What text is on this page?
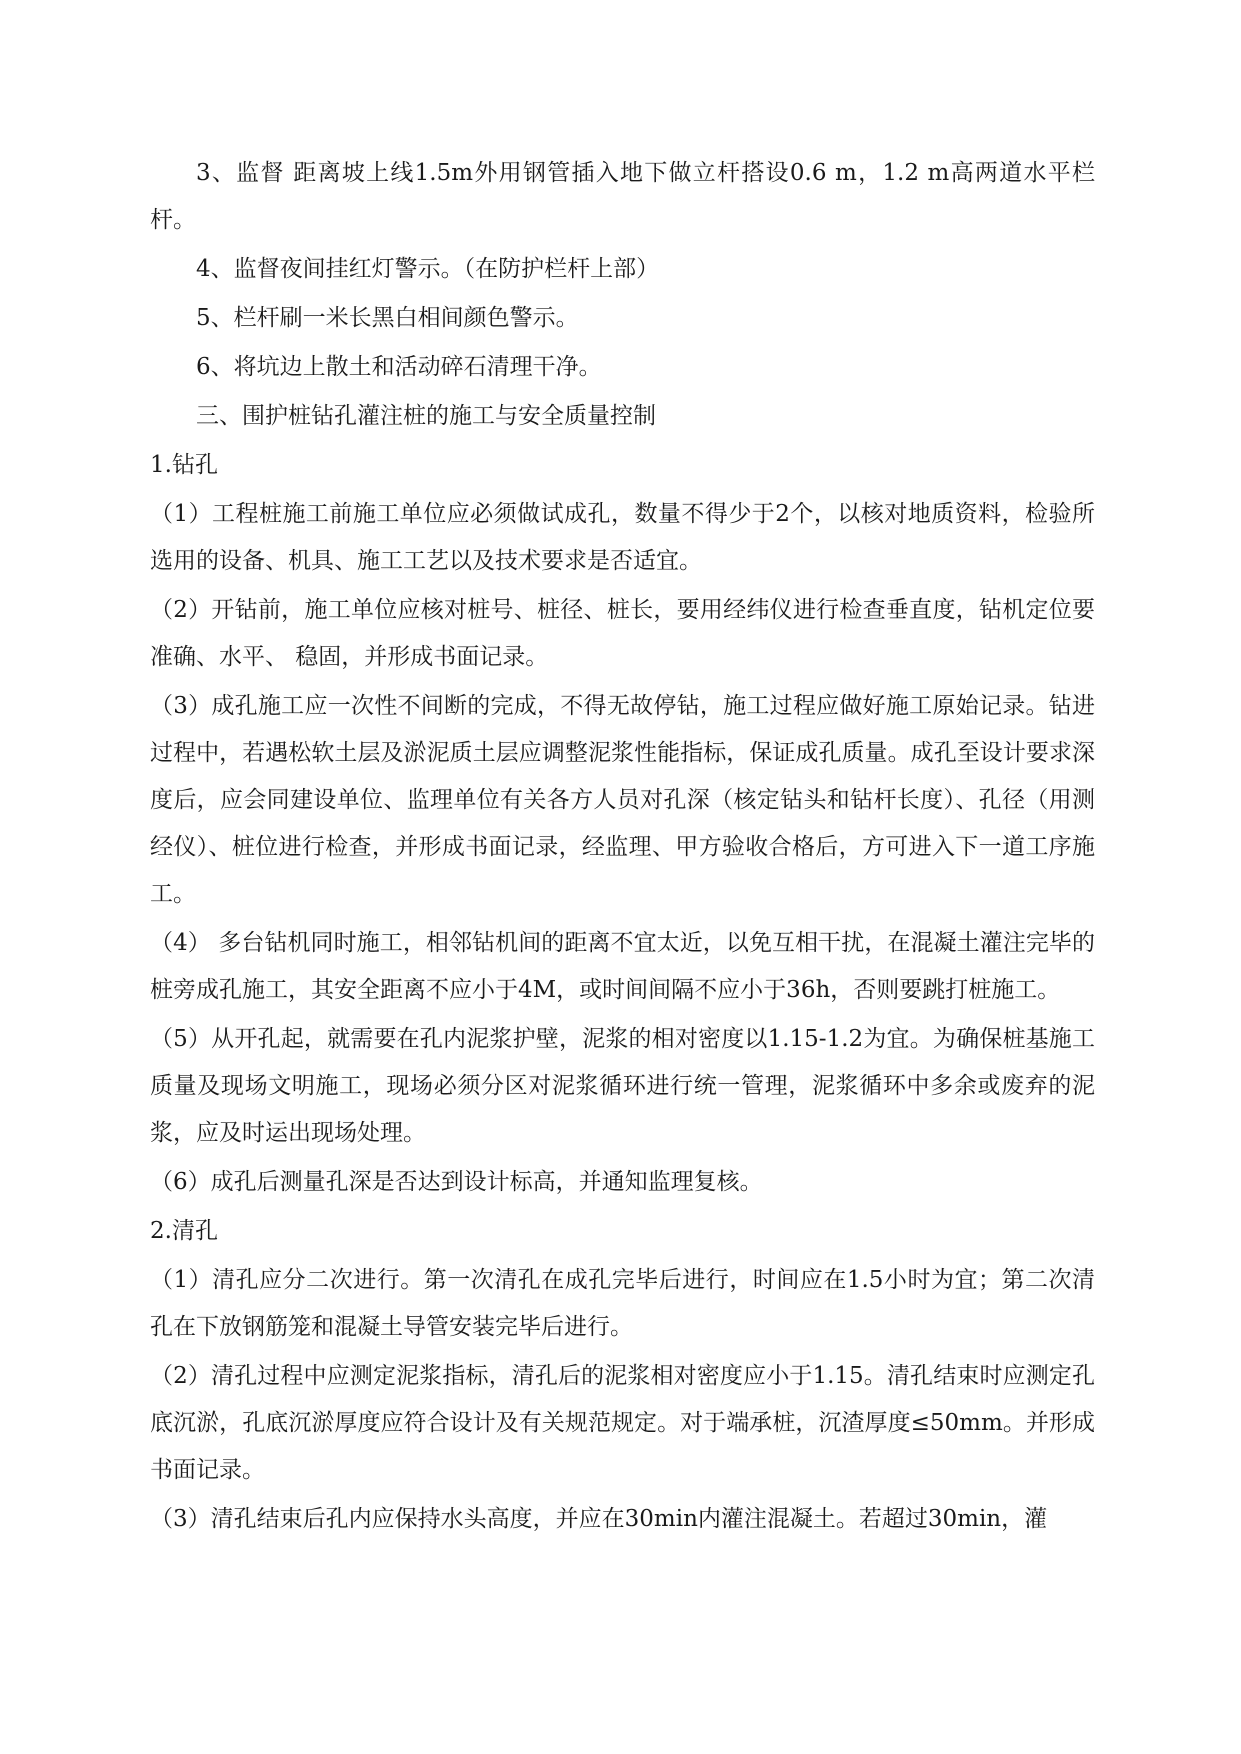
3、监督 距离坡上线1.5m外用钢管插入地下做立杆搭设0.6 m，1.2 m高两道水平栏杆。

4、监督夜间挂红灯警示。（在防护栏杆上部）

5、栏杆刷一米长黑白相间颜色警示。

6、将坑边上散土和活动碎石清理干净。

三、围护桩钻孔灌注桩的施工与安全质量控制

1.钻孔

（1）工程桩施工前施工单位应必须做试成孔，数量不得少于2个，以核对地质资料，检验所选用的设备、机具、施工工艺以及技术要求是否适宜。

（2）开钻前，施工单位应核对桩号、桩径、桩长，要用经纬仪进行检查垂直度，钻机定位要准确、水平、 稳固，并形成书面记录。

（3）成孔施工应一次性不间断的完成，不得无故停钻，施工过程应做好施工原始记录。钻进过程中，若遇松软土层及淤泥质土层应调整泥浆性能指标，保证成孔质量。成孔至设计要求深度后，应会同建设单位、监理单位有关各方人员对孔深（核定钻头和钻杆长度）、孔径（用测经仪）、桩位进行检查，并形成书面记录，经监理、甲方验收合格后，方可进入下一道工序施工。

（4） 多台钻机同时施工，相邻钻机间的距离不宜太近，以免互相干扰，在混凝土灌注完毕的桩旁成孔施工，其安全距离不应小于4M，或时间间隔不应小于36h，否则要跳打桩施工。

（5）从开孔起，就需要在孔内泥浆护壁，泥浆的相对密度以1.15-1.2为宜。为确保桩基施工质量及现场文明施工，现场必须分区对泥浆循环进行统一管理，泥浆循环中多余或废弃的泥浆，应及时运出现场处理。

（6）成孔后测量孔深是否达到设计标高，并通知监理复核。

2.清孔

（1）清孔应分二次进行。第一次清孔在成孔完毕后进行，时间应在1.5小时为宜；第二次清孔在下放钢筋笼和混凝土导管安装完毕后进行。

（2）清孔过程中应测定泥浆指标，清孔后的泥浆相对密度应小于1.15。清孔结束时应测定孔底沉淤，孔底沉淤厚度应符合设计及有关规范规定。对于端承桩，沉渣厚度≤50mm。并形成书面记录。

（3）清孔结束后孔内应保持水头高度，并应在30min内灌注混凝土。若超过30min，灌
